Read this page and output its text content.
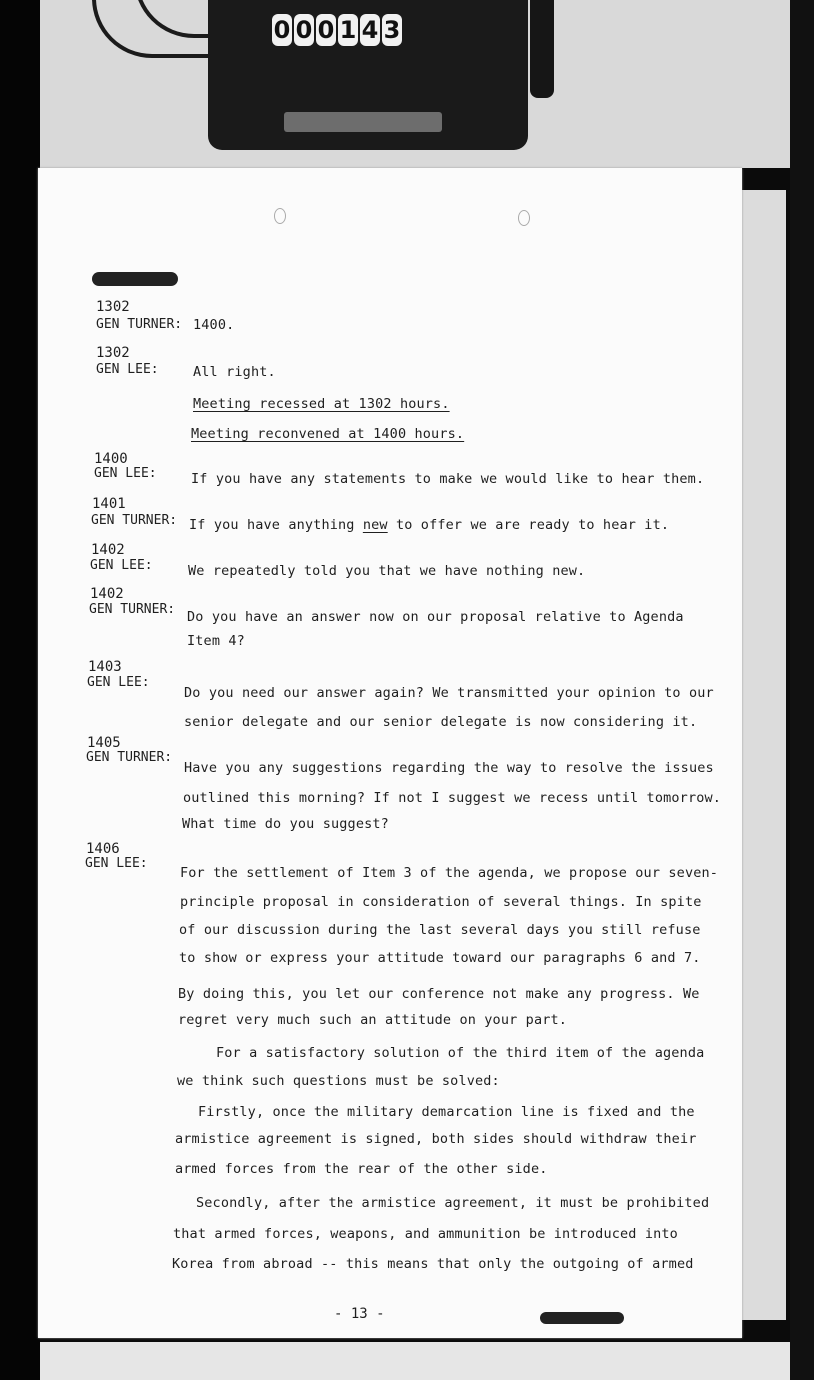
0 0 0 1 4 3
1302
GEN TURNER: 1400.
1302
GEN LEE:	All right.
Meeting recessed at 1302 hours.
Meeting reconvened at 1400 hours.
1400
GEN LEE:	If you have any statements to make we would like to hear them.
1401
GEN TURNER: If you have anything new to offer we are ready to hear it.
1402
GEN LEE:	We repeatedly told you that we have nothing new.
1402
GEN TURNER: Do you have an answer now on our proposal relative to Agenda
Item 4?
1403
GEN LEE:
Do you need our answer again? We transmitted your opinion to our
senior delegate and our senior delegate is now considering it.
1405
GEN TURNER:
Have you any suggestions regarding the way to resolve the issues
outlined this morning? If not I suggest we recess until tomorrow.
What time do you suggest?
1406
GEN LEE:
For the settlement of Item 3 of the agenda, we propose our seven-
principle proposal in consideration of several things. In spite
of our discussion during the last several days you still refuse
to show or express your attitude toward our paragraphs 6 and 7.
By doing this, you let our conference not make any progress. We
regret very much such an attitude on your part.
For a satisfactory solution of the third item of the agenda
we think such questions must be solved:
Firstly, once the military demarcation line is fixed and the
armistice agreement is signed, both sides should withdraw their
armed forces from the rear of the other side.
Secondly, after the armistice agreement, it must be prohibited
that armed forces, weapons, and ammunition be introduced into
Korea from abroad -- this means that only the outgoing of armed
- 13 -
